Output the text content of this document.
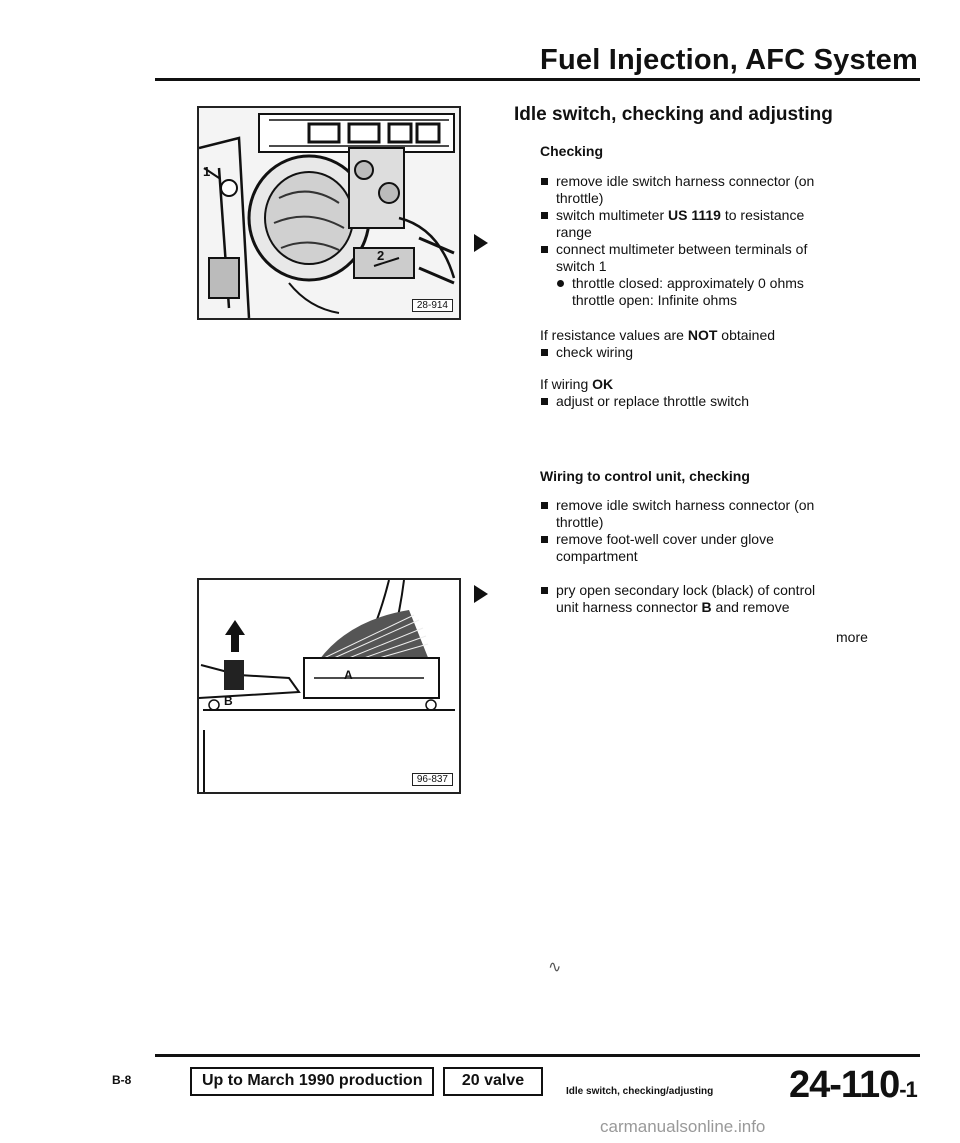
Fuel Injection, AFC System
1
2
28-914
A
B
96-837
Idle switch, checking and adjusting
Checking
remove idle switch harness connector (on
throttle)
switch multimeter US 1119 to resistance
range
connect multimeter between terminals of
switch 1
throttle closed: approximately 0 ohms
throttle open: Infinite ohms
If resistance values are NOT obtained
check wiring
If wiring OK
adjust or replace throttle switch
Wiring to control unit, checking
remove idle switch harness connector (on
throttle)
remove foot-well cover under glove
compartment
pry open secondary lock (black) of control
unit harness connector B and remove
more
∿
B-8	Up to March 1990 production	20 valve
Idle switch, checking/adjusting 24-110-1
carmanualsonline.info
